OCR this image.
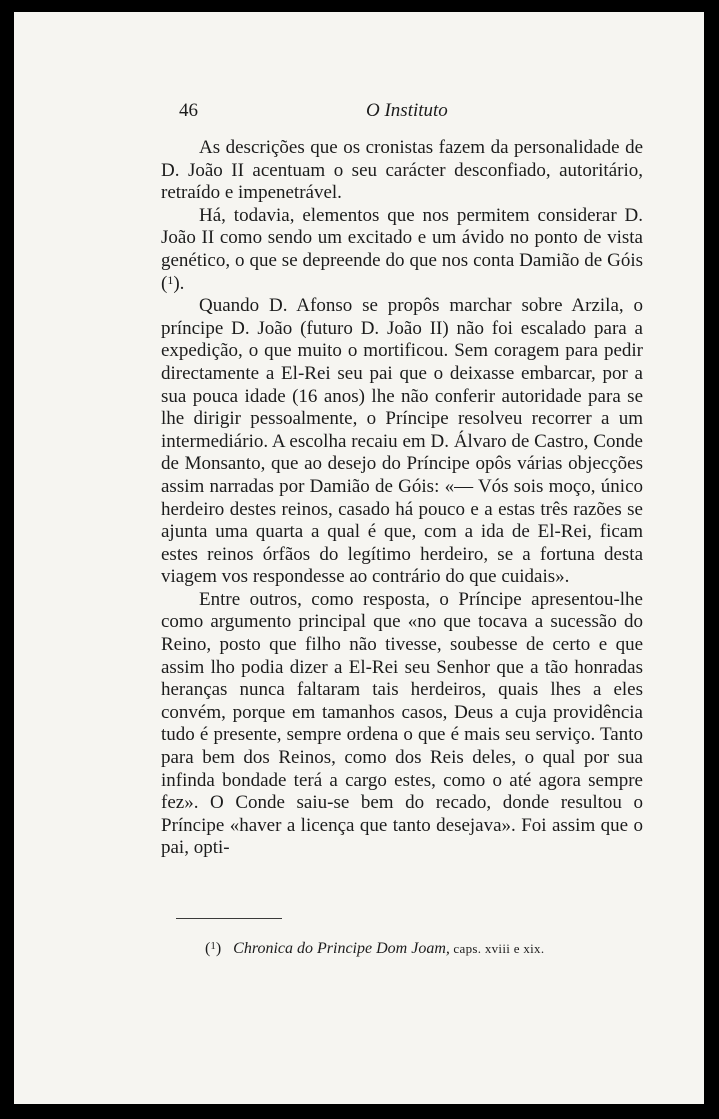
46	O Instituto

As descrições que os cronistas fazem da personalidade de D. João II acentuam o seu carácter desconfiado, autoritário, retraído e impenetrável.

Há, todavia, elementos que nos permitem considerar D. João II como sendo um excitado e um ávido no ponto de vista genético, o que se depreende do que nos conta Damião de Góis ($^1$).

Quando D. Afonso se propôs marchar sobre Arzila, o príncipe D. João (futuro D. João II) não foi escalado para a expedição, o que muito o mortificou. Sem coragem para pedir directamente a El-Rei seu pai que o deixasse embarcar, por a sua pouca idade (16 anos) lhe não conferir autoridade para se lhe dirigir pessoalmente, o Príncipe resolveu recorrer a um intermediário. A escolha recaiu em D. Álvaro de Castro, Conde de Monsanto, que ao desejo do Príncipe opôs várias objecções assim narradas por Damião de Góis: «— Vós sois moço, único herdeiro destes reinos, casado há pouco e a estas três razões se ajunta uma quarta a qual é que, com a ida de El-Rei, ficam estes reinos órfãos do legítimo herdeiro, se a fortuna desta viagem vos respondesse ao contrário do que cuidais».

Entre outros, como resposta, o Príncipe apresentou-lhe como argumento principal que «no que tocava a sucessão do Reino, posto que filho não tivesse, soubesse de certo e que assim lho podia dizer a El-Rei seu Senhor que a tão honradas heranças nunca faltaram tais herdeiros, quais lhes a eles convém, porque em tamanhos casos, Deus a cuja providência tudo é presente, sempre ordena o que é mais seu serviço. Tanto para bem dos Reinos, como dos Reis deles, o qual por sua infinda bondade terá a cargo estes, como o até agora sempre fez». O Conde saiu-se bem do recado, donde resultou o Príncipe «haver a licença que tanto desejava». Foi assim que o pai, opti-

($^1$) Chronica do Principe Dom Joam, caps. xviii e xix.
